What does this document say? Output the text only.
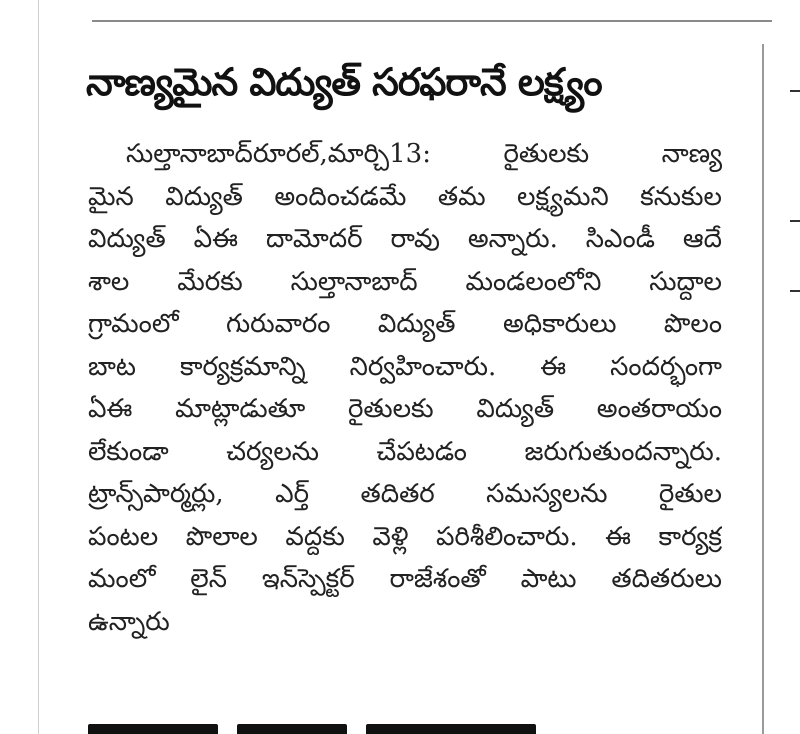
నాణ్యమైన విద్యుత్ సరఫరానే లక్ష్యం
సుల్తానాబాద్‌రూరల్‌,మార్చి13: రైతులకు నాణ్య
మైన విద్యుత్ అందించడమే తమ లక్ష్యమని కనుకుల
విద్యుత్ ఏఈ దామోదర్ రావు అన్నారు. సిఎండీ ఆదే
శాల మేరకు సుల్తానాబాద్ మండలంలోని సుద్దాల
గ్రామంలో గురువారం విద్యుత్ అధికారులు పొలం
బాట కార్యక్రమాన్ని నిర్వహించారు. ఈ సందర్భంగా
ఏఈ మాట్లాడుతూ రైతులకు విద్యుత్ అంతరాయం
లేకుండా చర్యలను చేపటడం జరుగుతుందన్నారు.
ట్రాన్స్‌పార్మర్లు, ఎర్త్ తదితర సమస్యలను రైతుల
పంటల పొలాల వద్దకు వెళ్లి పరిశీలించారు. ఈ కార్యక్ర
మంలో లైన్ ఇన్‌స్పెక్టర్ రాజేశంతో పాటు తదితరులు
ఉన్నారు
